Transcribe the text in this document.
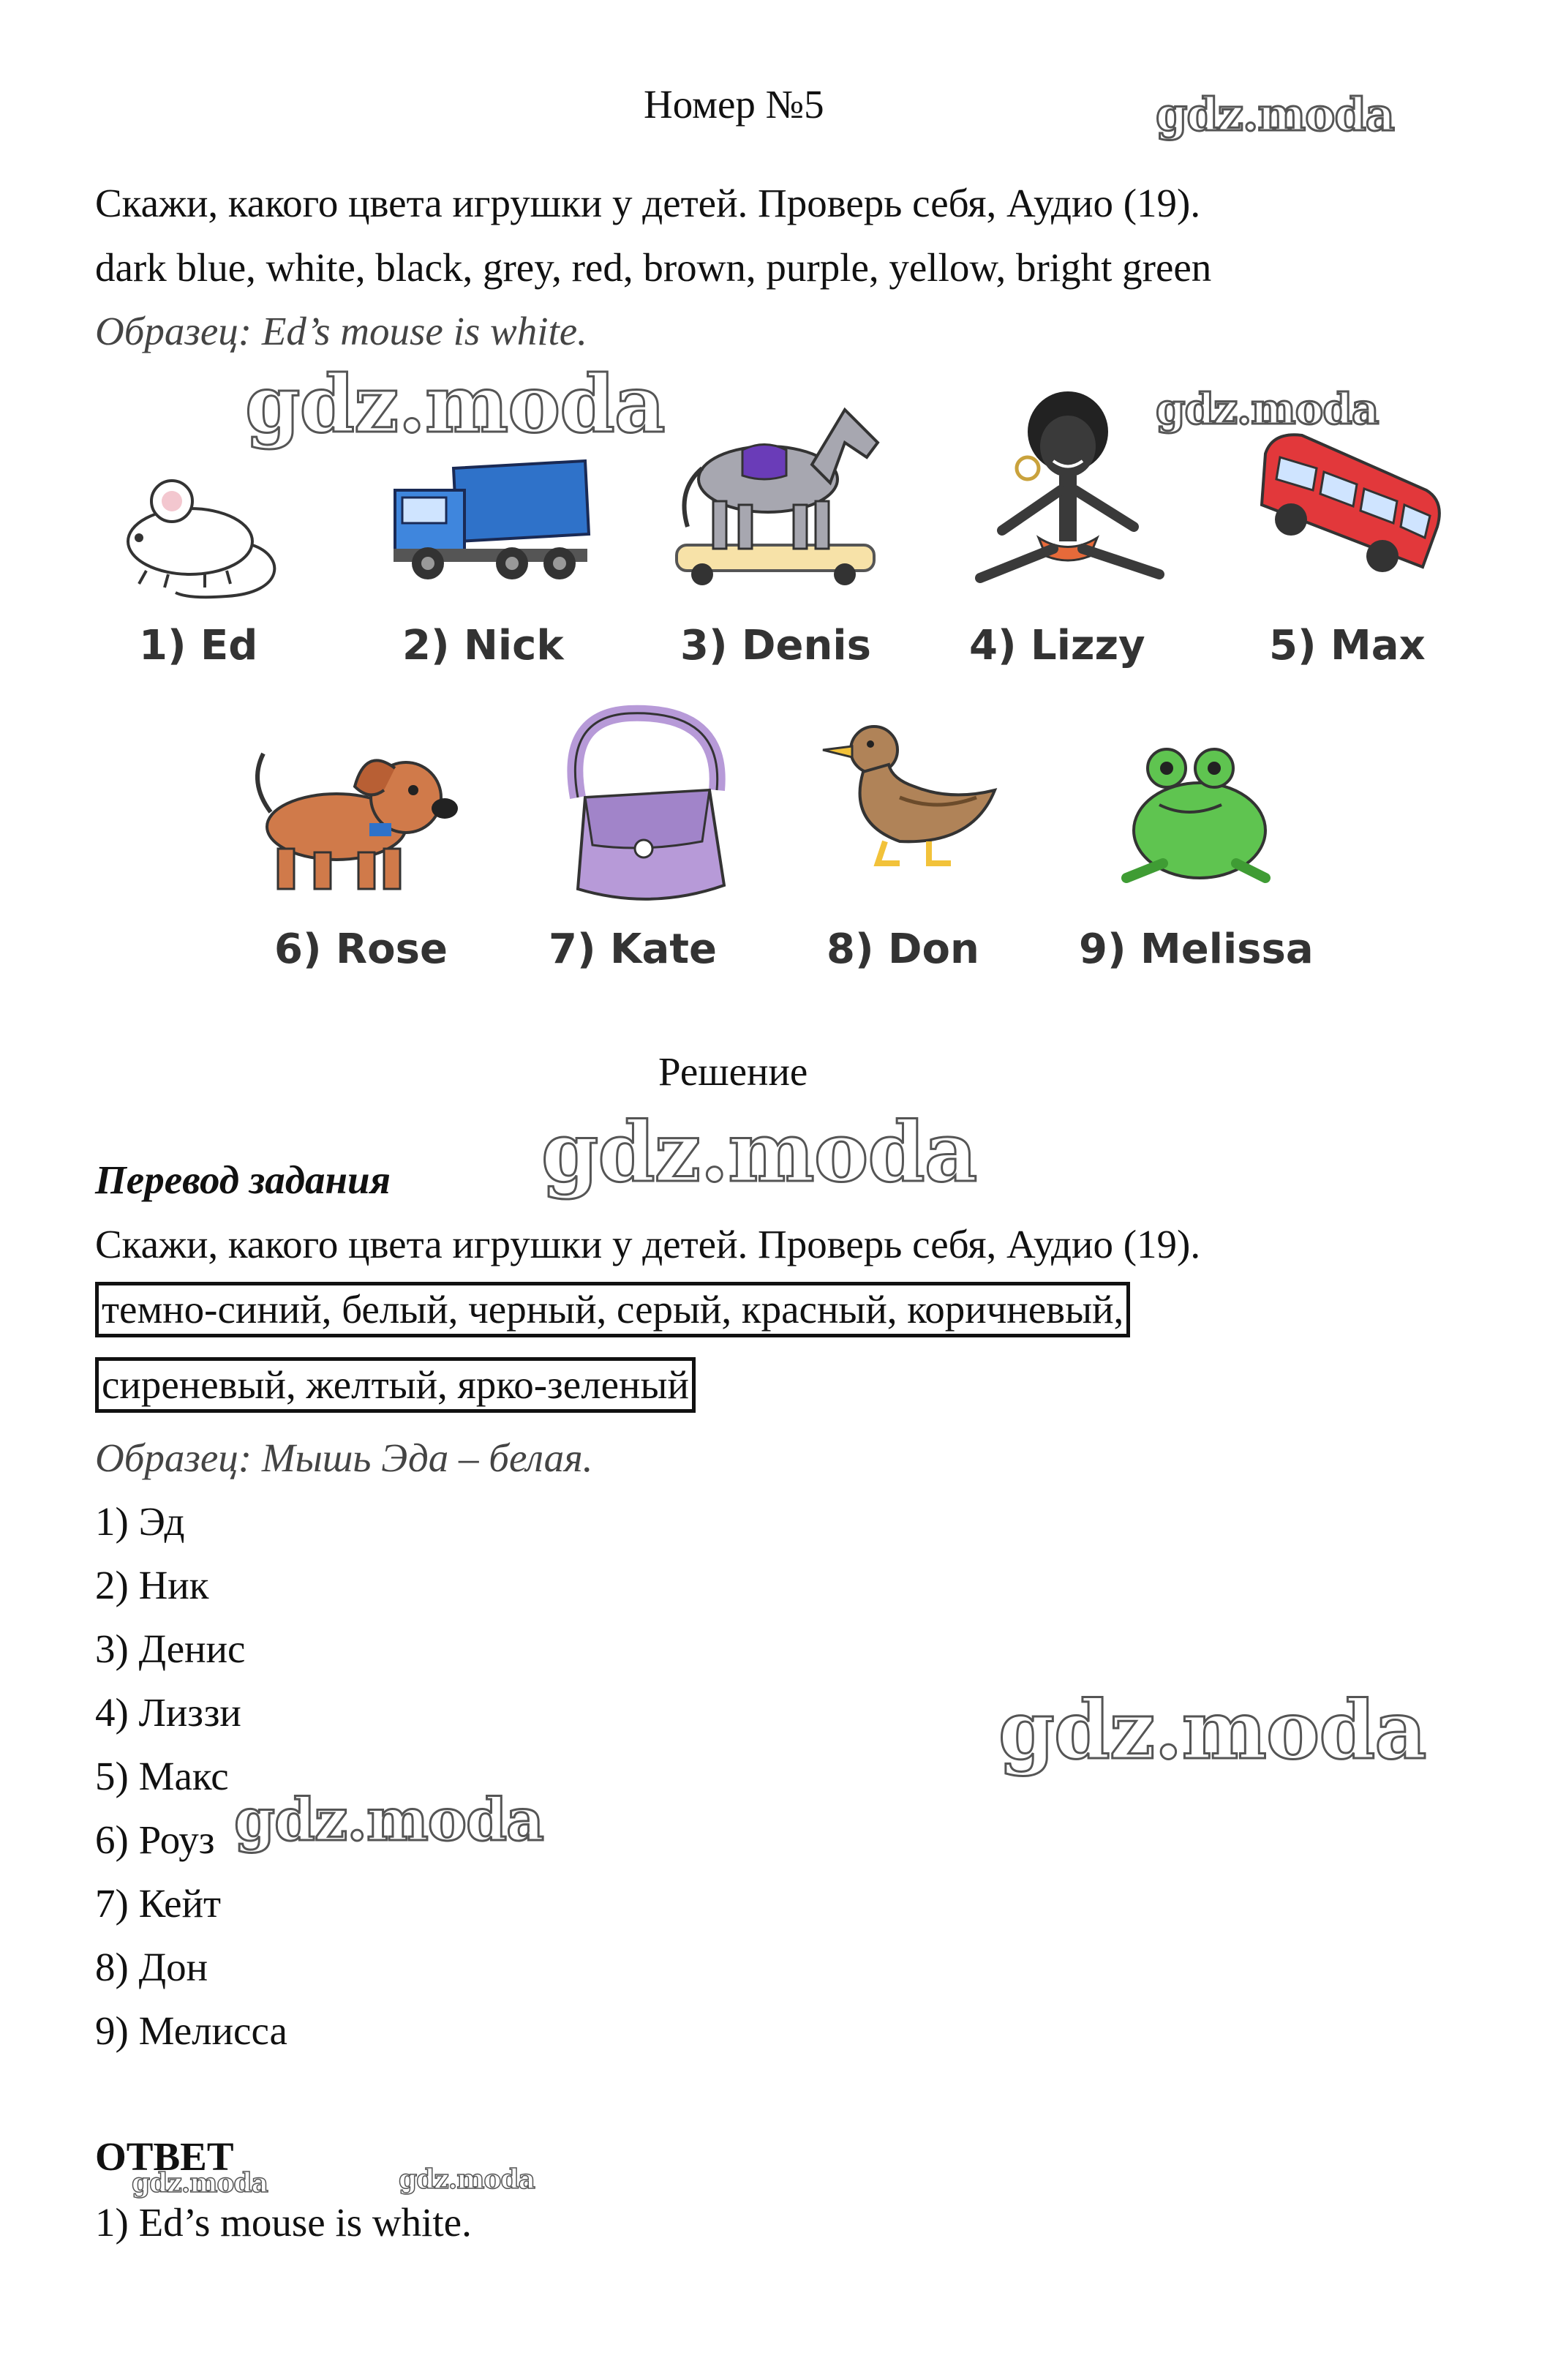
Номер №5	gdz.moda
Скажи, какого цвета игрушки у детей. Проверь себя, Аудио (19).
dark blue, white, black, grey, red, brown, purple, yellow, bright green
Образец: Ed’s mouse is white.
gdz.moda	gdz.moda
1) Ed	2) Nick	3) Denis 4) Lizzy	5) Max
6) Rose 7) Kate	8) Don 9) Melissa
Решение
gdz.moda
Перевод задания
Скажи, какого цвета игрушки у детей. Проверь себя, Аудио (19).
темно-синий, белый, черный, серый, красный, коричневый,
сиреневый, желтый, ярко-зеленый
Образец: Мышь Эда – белая.
1) Эд
2) Ник
3) Денис
4) Лиззи
5) Макс
6) Роуз
7) Кейт
8) Дон
9) Мелисса
gdz.moda
gdz.moda
ОТВЕТ
gdz.moda	gdz.moda
1) Ed’s mouse is white.
